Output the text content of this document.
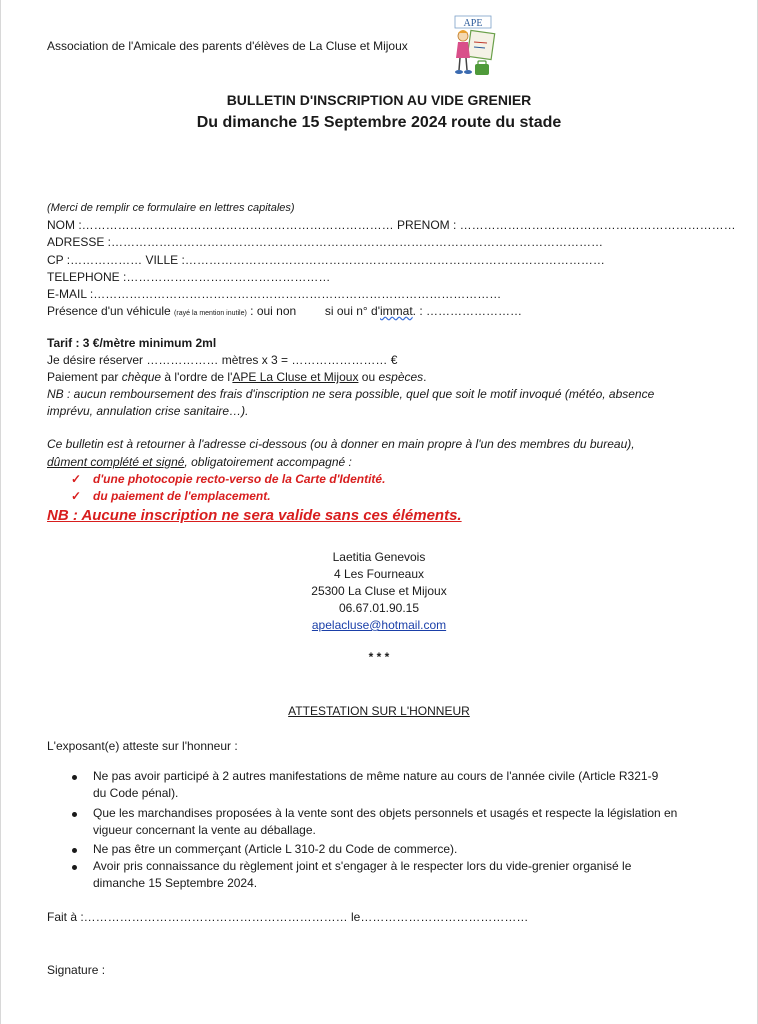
Association de l'Amicale des parents d'élèves de La Cluse et Mijoux
APE
BULLETIN D'INSCRIPTION AU VIDE GRENIER
Du dimanche 15 Septembre 2024 route du stade
(Merci de remplir ce formulaire en lettres capitales)
NOM :…………………………………………………………………… PRENOM : ……………………………………………………………
ADRESSE :……………………………………………………………………………………………………………
CP :……………… VILLE :……………………………………………………………………………………………
TELEPHONE :……………………………………………
E-MAIL :…………………………………………………………………………………………
Présence d'un véhicule (rayé la mention inutile) : oui non si oui n° d'immat. : ……………………
Tarif : 3 €/mètre minimum 2ml
Je désire réserver ……………… mètres x 3 = …………………… €
Paiement par chèque à l'ordre de l'APE La Cluse et Mijoux ou espèces.
NB : aucun remboursement des frais d'inscription ne sera possible, quel que soit le motif invoqué (météo, absence
imprévu, annulation crise sanitaire…).
Ce bulletin est à retourner à l'adresse ci-dessous (ou à donner en main propre à l'un des membres du bureau),
dûment complété et signé, obligatoirement accompagné :
✓ d'une photocopie recto-verso de la Carte d'Identité.
✓ du paiement de l'emplacement.
NB : Aucune inscription ne sera valide sans ces éléments.
Laetitia Genevois
4 Les Fourneaux
25300 La Cluse et Mijoux
06.67.01.90.15
apelacluse@hotmail.com
* * *
ATTESTATION SUR L'HONNEUR
L'exposant(e) atteste sur l'honneur :
Ne pas avoir participé à 2 autres manifestations de même nature au cours de l'année civile (Article R321-9
du Code pénal).
Que les marchandises proposées à la vente sont des objets personnels et usagés et respecte la législation en
vigueur concernant la vente au déballage.
Ne pas être un commerçant (Article L 310-2 du Code de commerce).
Avoir pris connaissance du règlement joint et s'engager à le respecter lors du vide-grenier organisé le
dimanche 15 Septembre 2024.
Fait à :………………………………………………………… le……………………………………
Signature :
